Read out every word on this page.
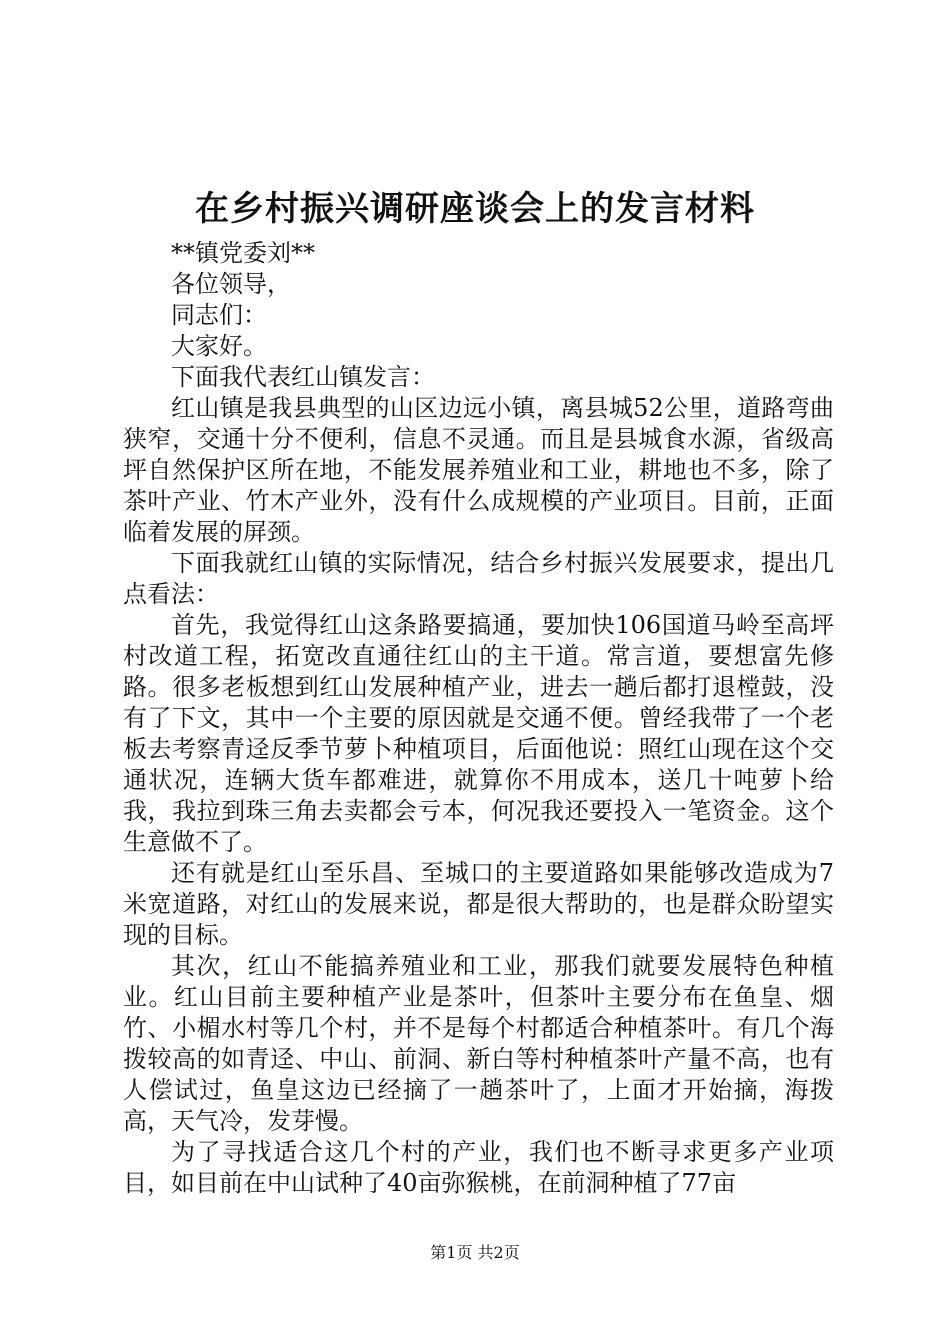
在乡村振兴调研座谈会上的发言材料

**镇党委刘**

各位领导，

同志们：

大家好。

下面我代表红山镇发言：

红山镇是我县典型的山区边远小镇，离县城52公里，道路弯曲狭窄，交通十分不便利，信息不灵通。而且是县城食水源，省级高坪自然保护区所在地，不能发展养殖业和工业，耕地也不多，除了茶叶产业、竹木产业外，没有什么成规模的产业项目。目前，正面临着发展的屏颈。

下面我就红山镇的实际情况，结合乡村振兴发展要求，提出几点看法：

首先，我觉得红山这条路要搞通，要加快106国道马岭至高坪村改道工程，拓宽改直通往红山的主干道。常言道，要想富先修路。很多老板想到红山发展种植产业，进去一趟后都打退樘鼓，没有了下文，其中一个主要的原因就是交通不便。曾经我带了一个老板去考察青迳反季节萝卜种植项目，后面他说：照红山现在这个交通状况，连辆大货车都难进，就算你不用成本，送几十吨萝卜给我，我拉到珠三角去卖都会亏本，何况我还要投入一笔资金。这个生意做不了。

还有就是红山至乐昌、至城口的主要道路如果能够改造成为7米宽道路，对红山的发展来说，都是很大帮助的，也是群众盼望实现的目标。

其次，红山不能搞养殖业和工业，那我们就要发展特色种植业。红山目前主要种植产业是茶叶，但茶叶主要分布在鱼皇、烟竹、小楣水村等几个村，并不是每个村都适合种植茶叶。有几个海拨较高的如青迳、中山、前洞、新白等村种植茶叶产量不高，也有人偿试过，鱼皇这边已经摘了一趟茶叶了，上面才开始摘，海拨高，天气冷，发芽慢。

为了寻找适合这几个村的产业，我们也不断寻求更多产业项目，如目前在中山试种了40亩弥猴桃，在前洞种植了77亩

第1页 共2页
